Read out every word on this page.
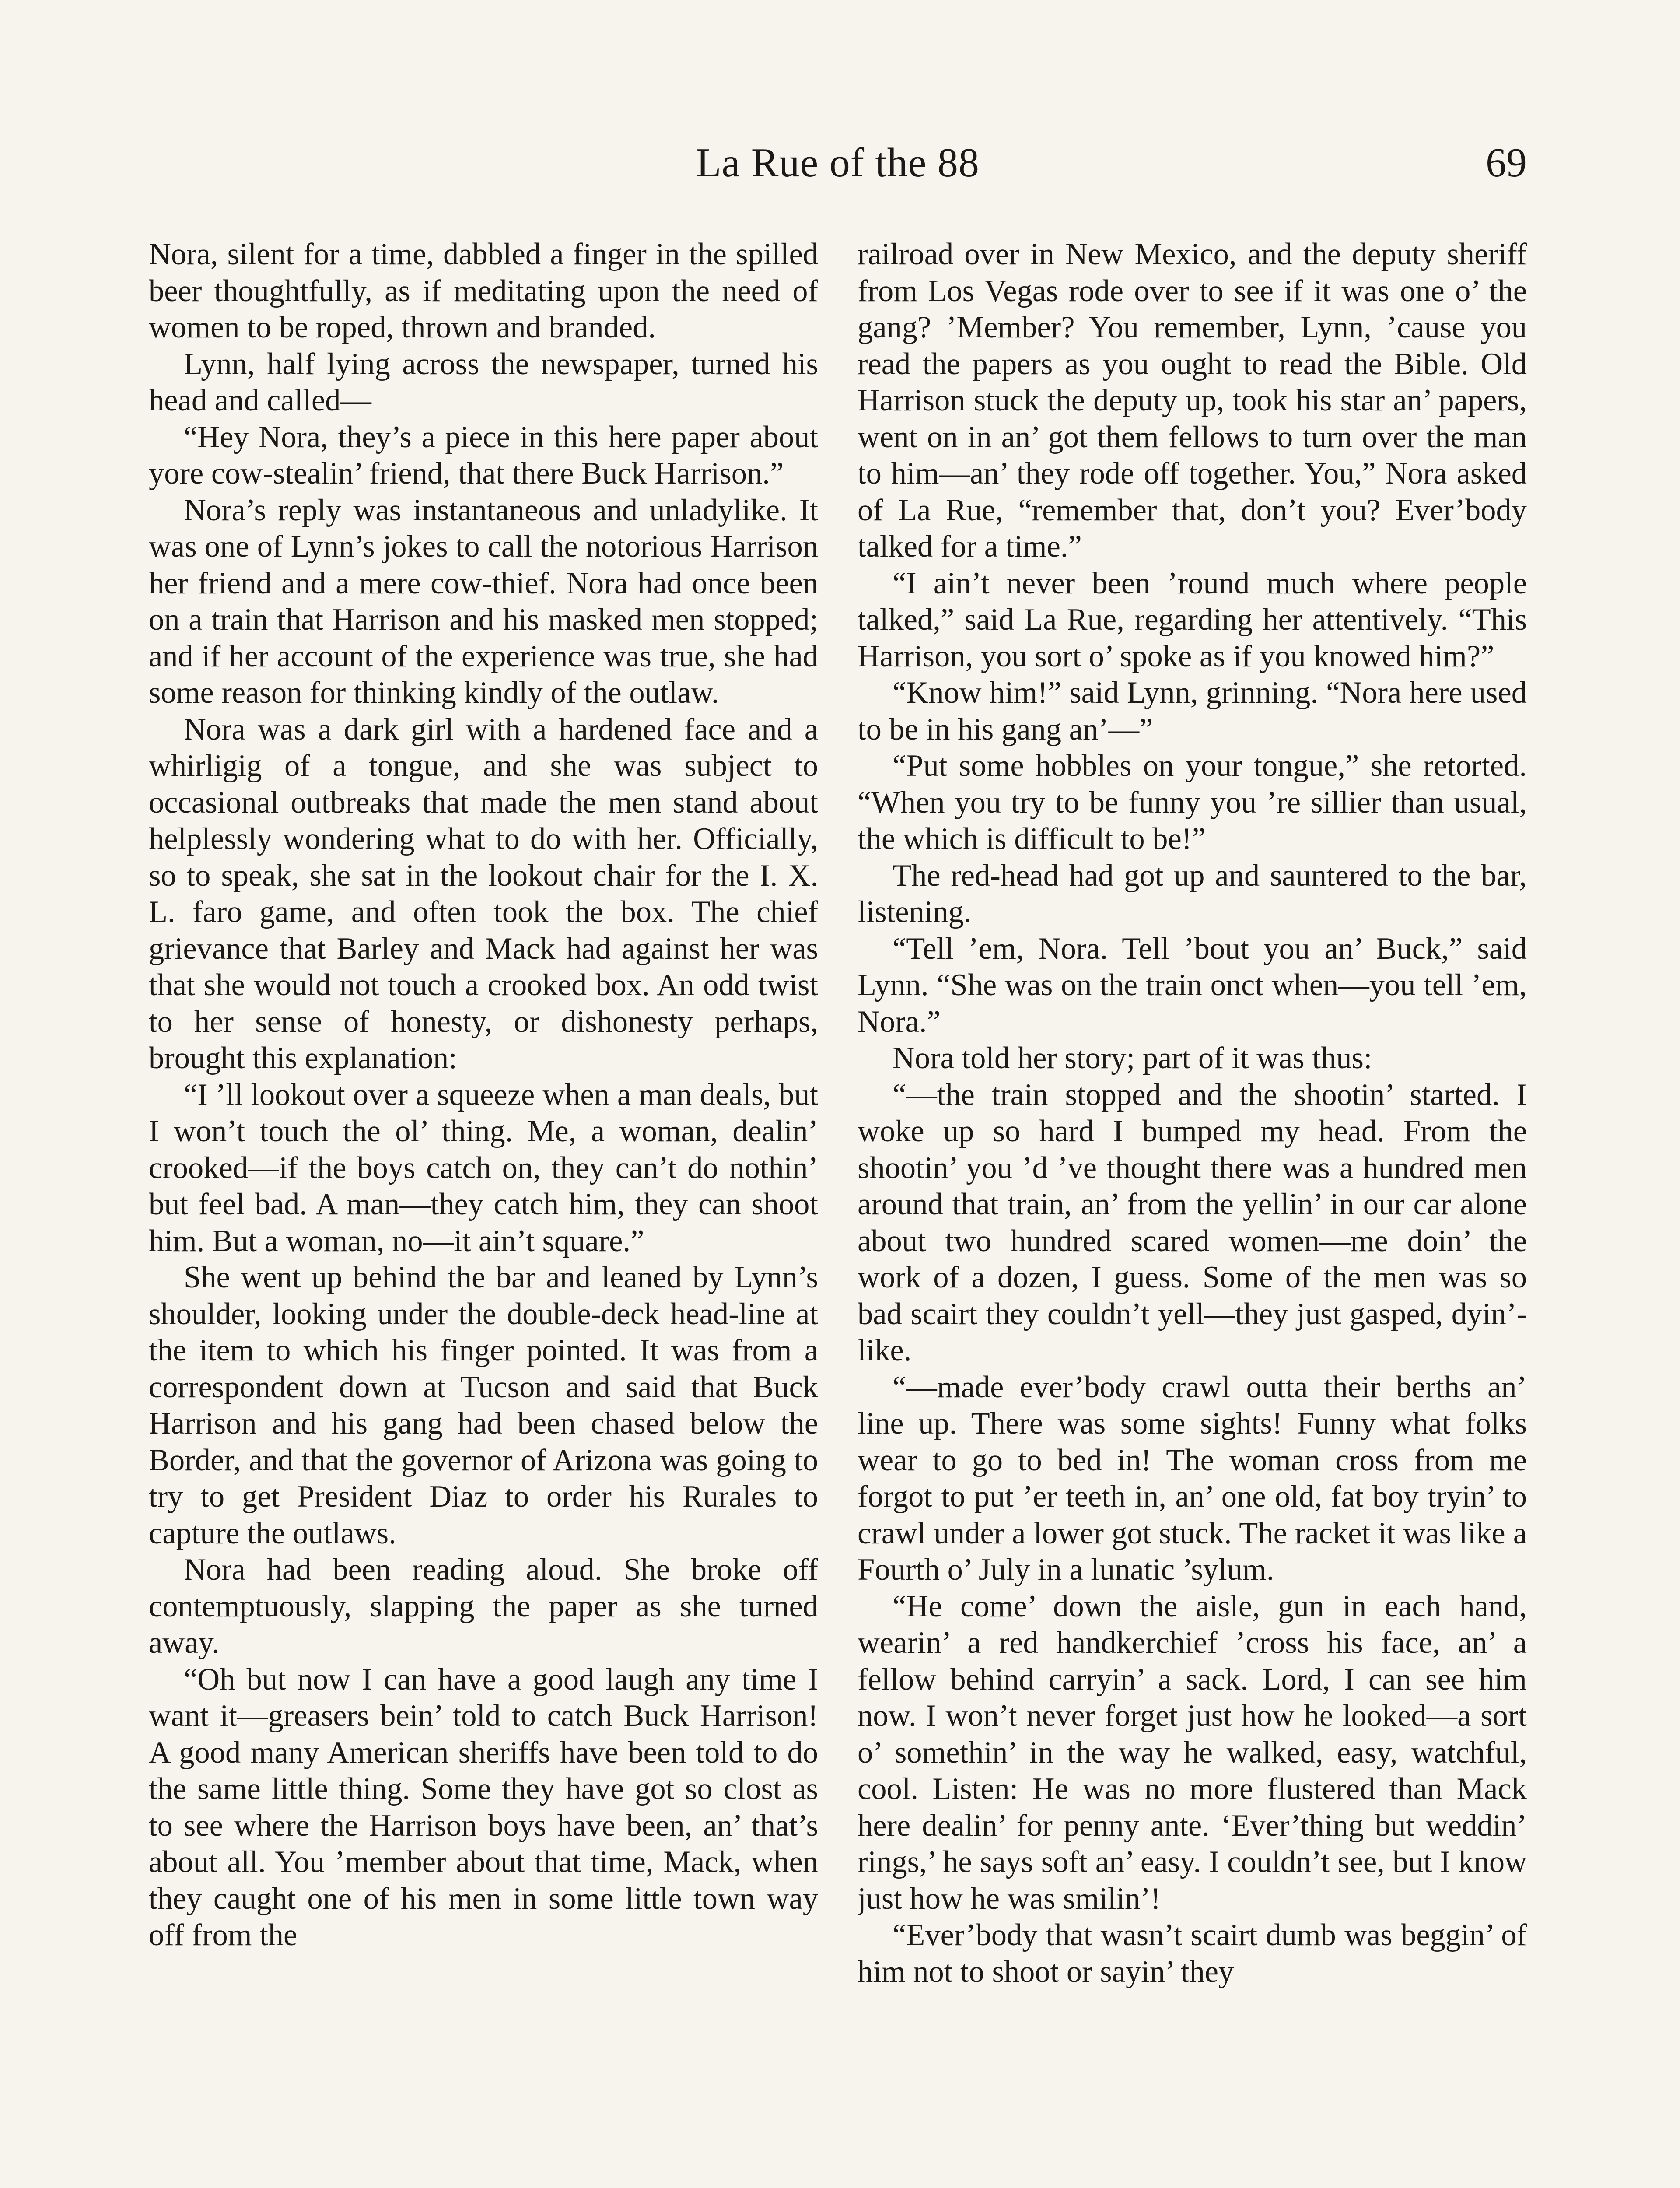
La Rue of the 88	69

Nora, silent for a time, dabbled a finger in the spilled beer thoughtfully, as if meditating upon the need of women to be roped, thrown and branded.

Lynn, half lying across the newspaper, turned his head and called—

“Hey Nora, they’s a piece in this here paper about yore cow-stealin’ friend, that there Buck Harrison.”

Nora’s reply was instantaneous and unladylike. It was one of Lynn’s jokes to call the notorious Harrison her friend and a mere cow-thief. Nora had once been on a train that Harrison and his masked men stopped; and if her account of the experience was true, she had some reason for thinking kindly of the outlaw.

Nora was a dark girl with a hardened face and a whirligig of a tongue, and she was subject to occasional outbreaks that made the men stand about helplessly wondering what to do with her. Officially, so to speak, she sat in the lookout chair for the I. X. L. faro game, and often took the box. The chief grievance that Barley and Mack had against her was that she would not touch a crooked box. An odd twist to her sense of honesty, or dishonesty perhaps, brought this explanation:

“I ’ll lookout over a squeeze when a man deals, but I won’t touch the ol’ thing. Me, a woman, dealin’ crooked—if the boys catch on, they can’t do nothin’ but feel bad. A man—they catch him, they can shoot him. But a woman, no—it ain’t square.”

She went up behind the bar and leaned by Lynn’s shoulder, looking under the double-deck head-line at the item to which his finger pointed. It was from a correspondent down at Tucson and said that Buck Harrison and his gang had been chased below the Border, and that the governor of Arizona was going to try to get President Diaz to order his Rurales to capture the outlaws.

Nora had been reading aloud. She broke off contemptuously, slapping the paper as she turned away.

“Oh but now I can have a good laugh any time I want it—greasers bein’ told to catch Buck Harrison! A good many American sheriffs have been told to do the same little thing. Some they have got so clost as to see where the Harrison boys have been, an’ that’s about all. You ’member about that time, Mack, when they caught one of his men in some little town way off from the

railroad over in New Mexico, and the deputy sheriff from Los Vegas rode over to see if it was one o’ the gang? ’Member? You remember, Lynn, ’cause you read the papers as you ought to read the Bible. Old Harrison stuck the deputy up, took his star an’ papers, went on in an’ got them fellows to turn over the man to him—an’ they rode off together. You,” Nora asked of La Rue, “remember that, don’t you? Ever’body talked for a time.”

“I ain’t never been ’round much where people talked,” said La Rue, regarding her attentively. “This Harrison, you sort o’ spoke as if you knowed him?”

“Know him!” said Lynn, grinning. “Nora here used to be in his gang an’—”

“Put some hobbles on your tongue,” she retorted. “When you try to be funny you ’re sillier than usual, the which is difficult to be!”

The red-head had got up and sauntered to the bar, listening.

“Tell ’em, Nora. Tell ’bout you an’ Buck,” said Lynn. “She was on the train onct when—you tell ’em, Nora.”

Nora told her story; part of it was thus:

“—the train stopped and the shootin’ started. I woke up so hard I bumped my head. From the shootin’ you ’d ’ve thought there was a hundred men around that train, an’ from the yellin’ in our car alone about two hundred scared women—me doin’ the work of a dozen, I guess. Some of the men was so bad scairt they couldn’t yell—they just gasped, dyin’-like.

“—made ever’body crawl outta their berths an’ line up. There was some sights! Funny what folks wear to go to bed in! The woman cross from me forgot to put ’er teeth in, an’ one old, fat boy tryin’ to crawl under a lower got stuck. The racket it was like a Fourth o’ July in a lunatic ’sylum.

“He come’ down the aisle, gun in each hand, wearin’ a red handkerchief ’cross his face, an’ a fellow behind carryin’ a sack. Lord, I can see him now. I won’t never forget just how he looked—a sort o’ somethin’ in the way he walked, easy, watchful, cool. Listen: He was no more flustered than Mack here dealin’ for penny ante. ‘Ever’thing but weddin’ rings,’ he says soft an’ easy. I couldn’t see, but I know just how he was smilin’!

“Ever’body that wasn’t scairt dumb was beggin’ of him not to shoot or sayin’ they
